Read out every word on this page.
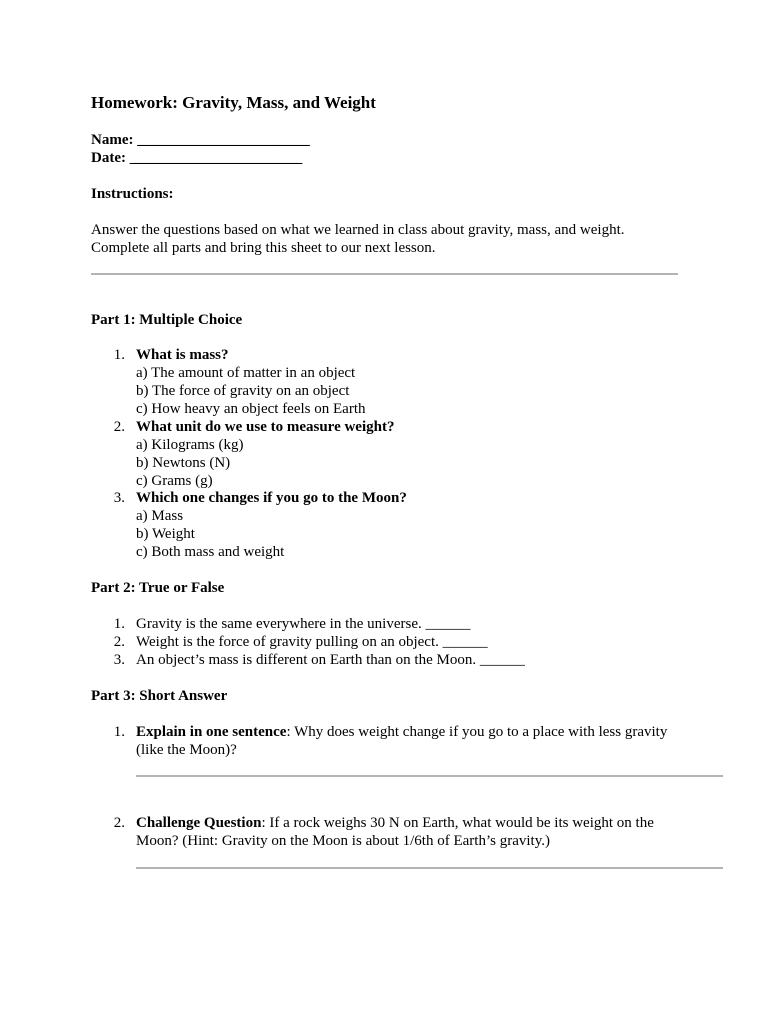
Homework: Gravity, Mass, and Weight
Name: _______________________
Date: _______________________
Instructions:
Answer the questions based on what we learned in class about gravity, mass, and weight.
Complete all parts and bring this sheet to our next lesson.
Part 1: Multiple Choice
1. What is mass?
a) The amount of matter in an object
b) The force of gravity on an object
c) How heavy an object feels on Earth
2. What unit do we use to measure weight?
a) Kilograms (kg)
b) Newtons (N)
c) Grams (g)
3. Which one changes if you go to the Moon?
a) Mass
b) Weight
c) Both mass and weight
Part 2: True or False
1. Gravity is the same everywhere in the universe. ______
2. Weight is the force of gravity pulling on an object. ______
3. An object’s mass is different on Earth than on the Moon. ______
Part 3: Short Answer
1. Explain in one sentence: Why does weight change if you go to a place with less gravity
(like the Moon)?
2. Challenge Question: If a rock weighs 30 N on Earth, what would be its weight on the
Moon? (Hint: Gravity on the Moon is about 1/6th of Earth’s gravity.)
